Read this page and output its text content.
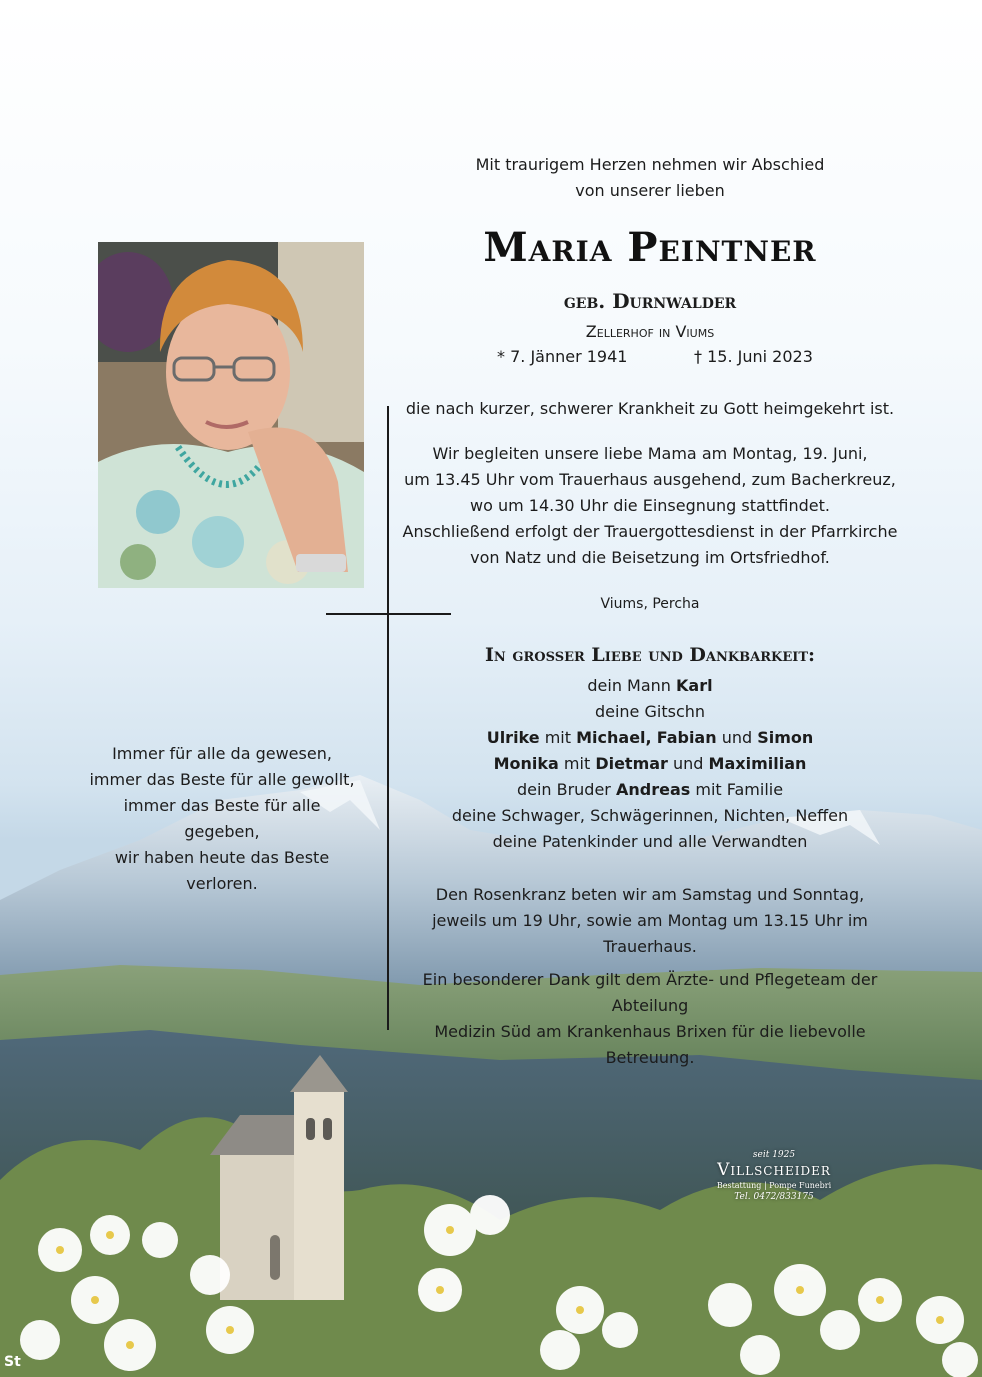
Mit traurigem Herzen nehmen wir Abschied
von unserer lieben
Maria Peintner
geb. Durnwalder
Zellerhof in Viums
* 7. Jänner 1941	† 15. Juni 2023
die nach kurzer, schwerer Krankheit zu Gott heimgekehrt ist.
Wir begleiten unsere liebe Mama am Montag, 19. Juni,
um 13.45 Uhr vom Trauerhaus ausgehend, zum Bacherkreuz,
wo um 14.30 Uhr die Einsegnung stattfindet.
Anschließend erfolgt der Trauergottesdienst in der Pfarrkirche
von Natz und die Beisetzung im Ortsfriedhof.
Viums, Percha
In großer Liebe und Dankbarkeit:
dein Mann Karl
deine Gitschn
Ulrike mit Michael, Fabian und Simon
Monika mit Dietmar und Maximilian
dein Bruder Andreas mit Familie
deine Schwager, Schwägerinnen, Nichten, Neffen
deine Patenkinder und alle Verwandten
Den Rosenkranz beten wir am Samstag und Sonntag,
jeweils um 19 Uhr, sowie am Montag um 13.15 Uhr im Trauerhaus.
Ein besonderer Dank gilt dem Ärzte- und Pflegeteam der Abteilung
Medizin Süd am Krankenhaus Brixen für die liebevolle Betreuung.
Immer für alle da gewesen,
immer das Beste für alle gewollt,
immer das Beste für alle gegeben,
wir haben heute das Beste verloren.
seit 1925
Villscheider
Bestattung | Pompe Funebri
Tel. 0472/833175
St
